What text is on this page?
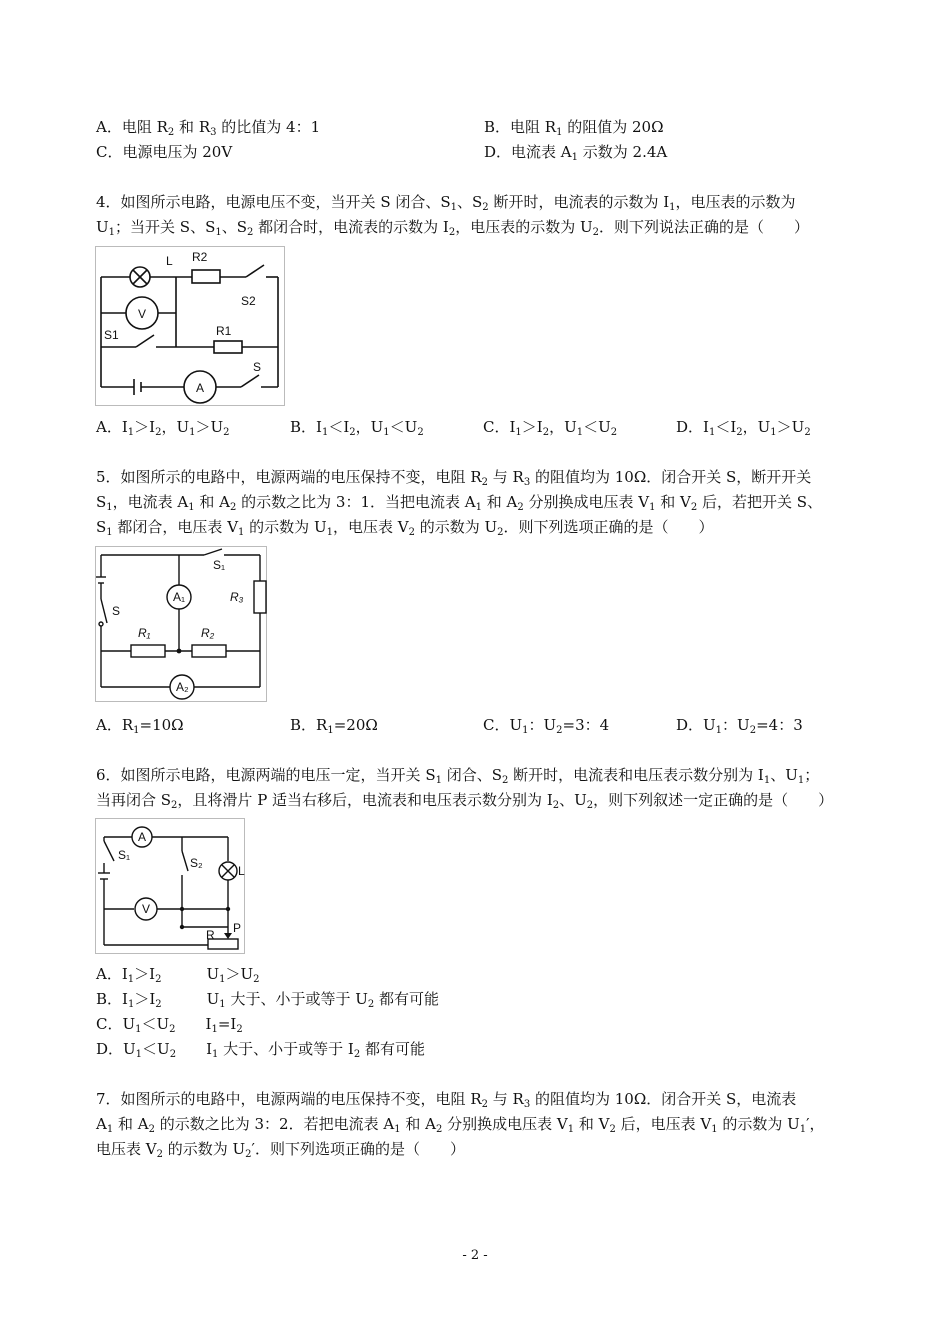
A．电阻 $R_2$ 和 $R_3$ 的比值为 4：1	B．电阻 $R_1$ 的阻值为 20Ω
C．电源电压为 20V	D．电流表 $A_1$ 示数为 2.4A
4．如图所示电路，电源电压不变，当开关 S 闭合、$S_1$、$S_2$ 断开时，电流表的示数为 $I_1$，电压表的示数为
$U_1$；当开关 S、$S_1$、$S_2$ 都闭合时，电流表的示数为 $I_2$，电压表的示数为 $U_2$．则下列说法正确的是（　　）
L R2
S2
S1	R1
V
A
S
A．$I_1>I_2$，$U_1>U_2$	B．$I_1<I_2$，$U_1<U_2$	C．$I_1>I_2$，$U_1<U_2$	D．$I_1<I_2$，$U_1>U_2$
5．如图所示的电路中，电源两端的电压保持不变，电阻 $R_2$ 与 $R_3$ 的阻值均为 10Ω．闭合开关 S，断开开关
$S_1$，电流表 $A_1$ 和 $A_2$ 的示数之比为 3：1．当把电流表 $A_1$ 和 $A_2$ 分别换成电压表 $V_1$ 和 $V_2$ 后，若把开关 S、
$S_1$ 都闭合，电压表 $V_1$ 的示数为 $U_1$，电压表 $V_2$ 的示数为 $U_2$．则下列选项正确的是（　　）
S₁
A₁	R₃
S
R₁	R₂
A₂
A．$R_1=10\Omega$	B．$R_1=20\Omega$	C．$U_1$：$U_2=3$：4	D．$U_1$：$U_2=4$：3
6．如图所示电路，电源两端的电压一定，当开关 $S_1$ 闭合、$S_2$ 断开时，电流表和电压表示数分别为 $I_1$、$U_1$；
当再闭合 $S_2$，且将滑片 P 适当右移后，电流表和电压表示数分别为 $I_2$、$U_2$，则下列叙述一定正确的是（　　）
A
S₁
S₂
L
V
R P
A．$I_1>I_2$　　　$U_1>U_2$
B．$I_1>I_2$　　　$U_1$ 大于、小于或等于 $U_2$ 都有可能
C．$U_1<U_2$　　$I_1=I_2$
D．$U_1<U_2$　　$I_1$ 大于、小于或等于 $I_2$ 都有可能
7．如图所示的电路中，电源两端的电压保持不变，电阻 $R_2$ 与 $R_3$ 的阻值均为 10Ω．闭合开关 S，电流表
$A_1$ 和 $A_2$ 的示数之比为 3：2．若把电流表 $A_1$ 和 $A_2$ 分别换成电压表 $V_1$ 和 $V_2$ 后，电压表 $V_1$ 的示数为 $U_1'$，
电压表 $V_2$ 的示数为 $U_2'$．则下列选项正确的是（　　）
- 2 -
